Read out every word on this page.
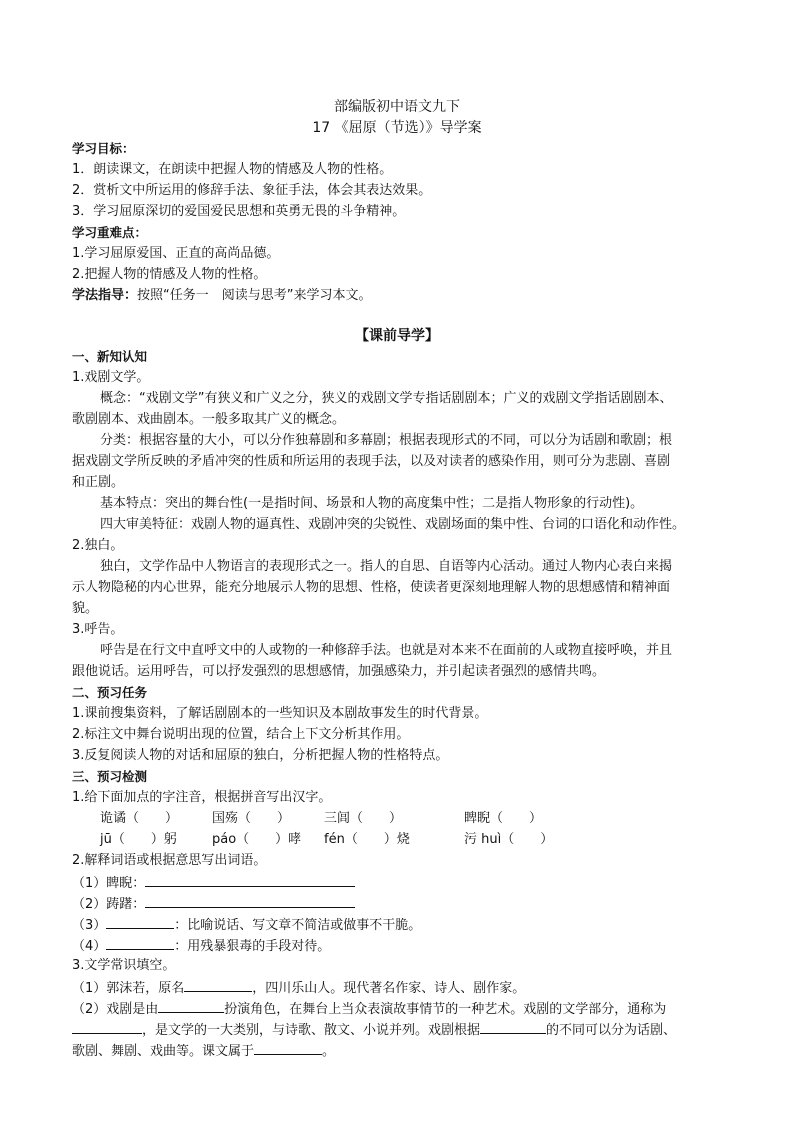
部编版初中语文九下
17 《屈原（节选）》导学案
学习目标：
1．朗读课文，在朗读中把握人物的情感及人物的性格。
2．赏析文中所运用的修辞手法、象征手法，体会其表达效果。
3．学习屈原深切的爱国爱民思想和英勇无畏的斗争精神。
学习重难点：
1.学习屈原爱国、正直的高尚品德。
2.把握人物的情感及人物的性格。
学法指导：按照“任务一　阅读与思考”来学习本文。
【课前导学】
一、新知认知
1.戏剧文学。
概念：“戏剧文学”有狭义和广义之分，狭义的戏剧文学专指话剧剧本；广义的戏剧文学指话剧剧本、
歌剧剧本、戏曲剧本。一般多取其广义的概念。
分类：根据容量的大小，可以分作独幕剧和多幕剧；根据表现形式的不同，可以分为话剧和歌剧；根
据戏剧文学所反映的矛盾冲突的性质和所运用的表现手法，以及对读者的感染作用，则可分为悲剧、喜剧
和正剧。
基本特点：突出的舞台性(一是指时间、场景和人物的高度集中性；二是指人物形象的行动性)。
四大审美特征：戏剧人物的逼真性、戏剧冲突的尖锐性、戏剧场面的集中性、台词的口语化和动作性。
2.独白。
独白，文学作品中人物语言的表现形式之一。指人的自思、自语等内心活动。通过人物内心表白来揭
示人物隐秘的内心世界，能充分地展示人物的思想、性格，使读者更深刻地理解人物的思想感情和精神面
貌。
3.呼告。
呼告是在行文中直呼文中的人或物的一种修辞手法。也就是对本来不在面前的人或物直接呼唤，并且
跟他说话。运用呼告，可以抒发强烈的思想感情，加强感染力，并引起读者强烈的感情共鸣。
二、预习任务
1.课前搜集资料，了解话剧剧本的一些知识及本剧故事发生的时代背景。
2.标注文中舞台说明出现的位置，结合上下文分析其作用。
3.反复阅读人物的对话和屈原的独白，分析把握人物的性格特点。
三、预习检测
1.给下面加点的字注音，根据拼音写出汉字。
诡谲（　　）	国殇（　　）	三闾（　　）	睥睨（　　）
jū（　　）躬	páo（　　）哮 fén（　　）烧	污 huì（　　）
2.解释词语或根据意思写出词语。
（1）睥睨：
（2）踌躇：
（3）	：比喻说话、写文章不简洁或做事不干脆。
（4）	：用残暴狠毒的手段对待。
3.文学常识填空。
（1）郭沫若，原名	，四川乐山人。现代著名作家、诗人、剧作家。
（2）戏剧是由	扮演角色，在舞台上当众表演故事情节的一种艺术。戏剧的文学部分，通称为
，是文学的一大类别，与诗歌、散文、小说并列。戏剧根据	的不同可以分为话剧、
歌剧、舞剧、戏曲等。课文属于	。
